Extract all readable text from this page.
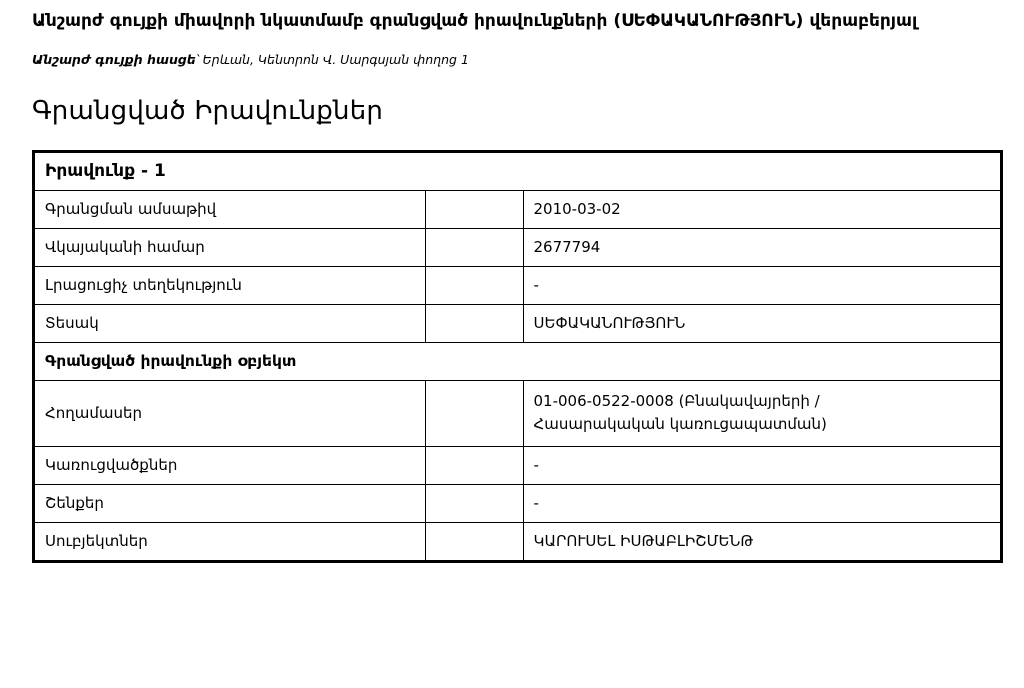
Անշարժ գույքի միավորի նկատմամբ գրանցված իրավունքների (ՍԵՓԱԿԱՆՈՒԹՅՈՒՆ) վերաբերյալ
Անշարժ գույքի հասցե՝ Երևան, Կենտրոն Վ. Սարգսյան փողոց 1
Գրանցված Իրավունքներ
Իրավունք - 1		
Գրանցման ամսաթիվ		2010-03-02
Վկայականի համար		2677794
Լրացուցիչ տեղեկություն		-
Տեսակ		ՍԵՓԱԿԱՆՈՒԹՅՈՒՆ
Գրանցված իրավունքի օբյեկտ		
Հողամասեր		01-006-0522-0008 (Բնակավայրերի /
Հասարակական կառուցապատման)
Կառուցվածքներ		-
Շենքեր		-
Սուբյեկտներ		ԿԱՐՈՒՍԵԼ ԻՍԹԱԲԼԻՇՄԵՆԹ
